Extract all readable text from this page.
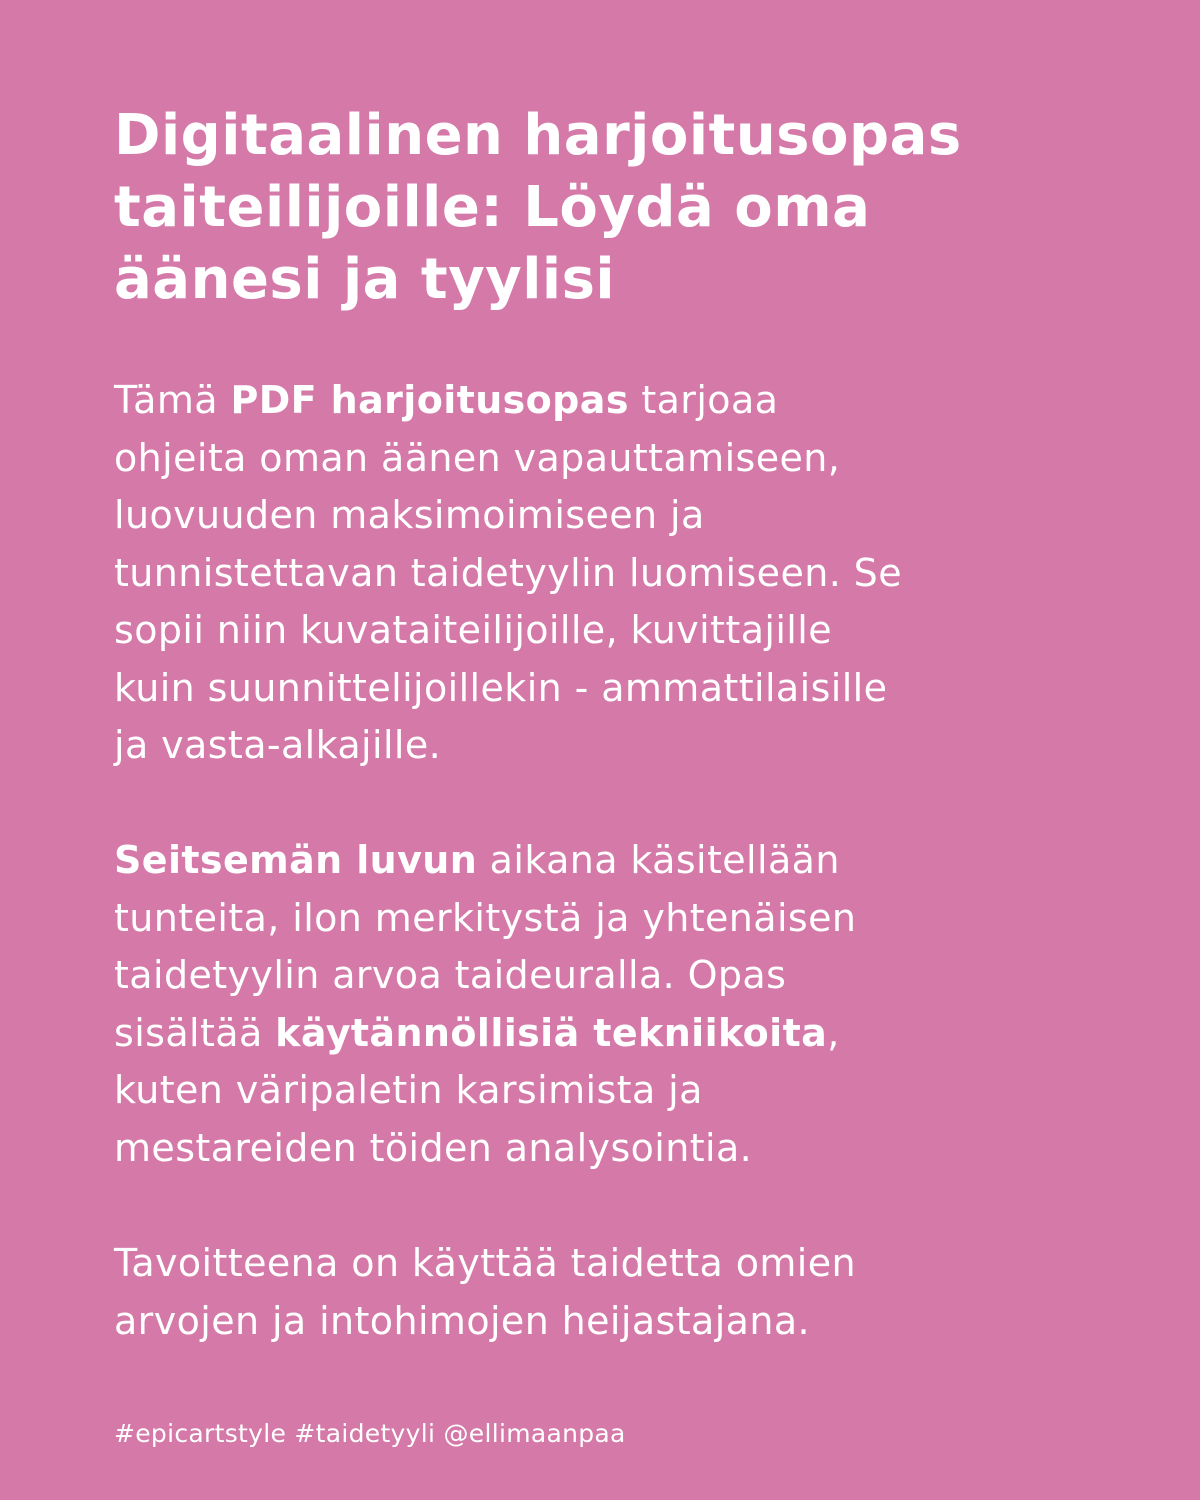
Digitaalinen harjoitusopas
taiteilijoille: Löydä oma
äänesi ja tyylisi

Tämä PDF harjoitusopas tarjoaa
ohjeita oman äänen vapauttamiseen,
luovuuden maksimoimiseen ja
tunnistettavan taidetyylin luomiseen. Se
sopii niin kuvataiteilijoille, kuvittajille
kuin suunnittelijoillekin - ammattilaisille
ja vasta-alkajille.

Seitsemän luvun aikana käsitellään
tunteita, ilon merkitystä ja yhtenäisen
taidetyylin arvoa taideuralla. Opas
sisältää käytännöllisiä tekniikoita,
kuten väripaletin karsimista ja
mestareiden töiden analysointia.

Tavoitteena on käyttää taidetta omien
arvojen ja intohimojen heijastajana.

#epicartstyle #taidetyyli @ellimaanpaa
